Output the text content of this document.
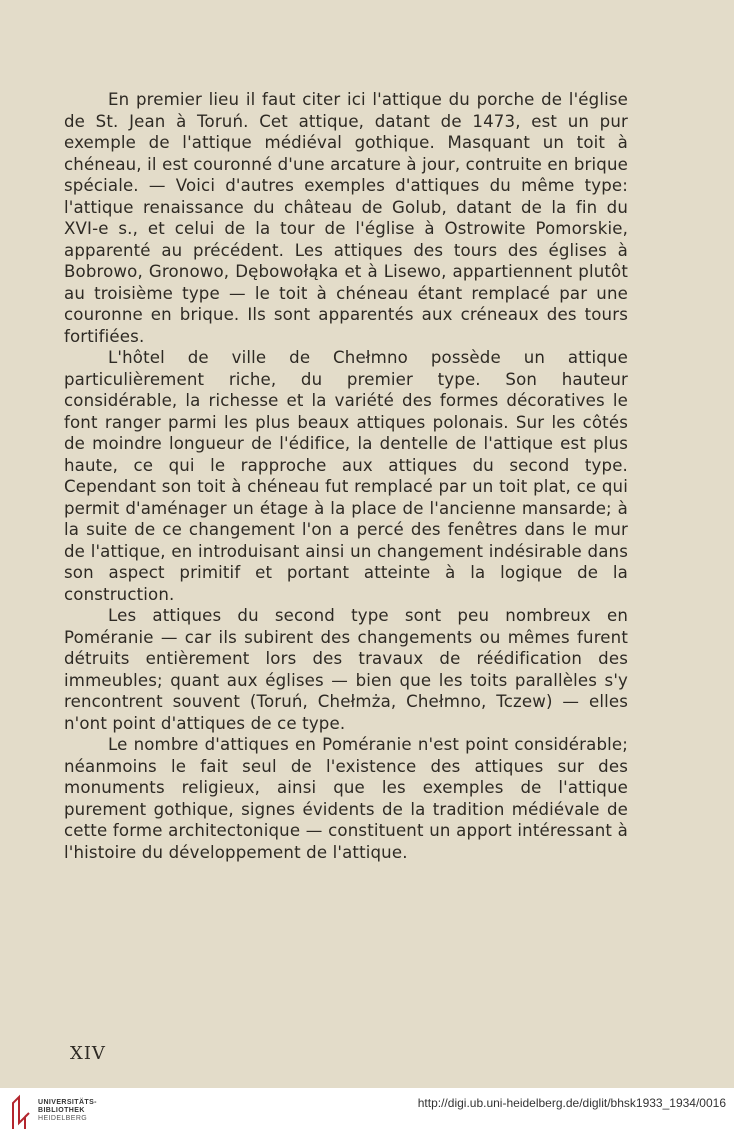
En premier lieu il faut citer ici l'attique du porche de l'église de St. Jean à Toruń. Cet attique, datant de 1473, est un pur exemple de l'attique médiéval gothique. Masquant un toit à chéneau, il est couronné d'une arcature à jour, contruite en brique spéciale. — Voici d'autres exemples d'attiques du même type: l'attique renaissance du château de Golub, datant de la fin du XVI-e s., et celui de la tour de l'église à Ostrowite Pomorskie, apparenté au précédent. Les attiques des tours des églises à Bobrowo, Gronowo, Dębowołąka et à Lisewo, appartiennent plutôt au troisième type — le toit à chéneau étant remplacé par une couronne en brique. Ils sont apparentés aux créneaux des tours fortifiées.

L'hôtel de ville de Chełmno possède un attique particulièrement riche, du premier type. Son hauteur considérable, la richesse et la variété des formes décoratives le font ranger parmi les plus beaux attiques polonais. Sur les côtés de moindre longueur de l'édifice, la dentelle de l'attique est plus haute, ce qui le rapproche aux attiques du second type. Cependant son toit à chéneau fut remplacé par un toit plat, ce qui permit d'aménager un étage à la place de l'ancienne mansarde; à la suite de ce changement l'on a percé des fenêtres dans le mur de l'attique, en introduisant ainsi un changement indésirable dans son aspect primitif et portant atteinte à la logique de la construction.

Les attiques du second type sont peu nombreux en Poméranie — car ils subirent des changements ou mêmes furent détruits entièrement lors des travaux de réédification des immeubles; quant aux églises — bien que les toits parallèles s'y rencontrent souvent (Toruń, Chełmża, Chełmno, Tczew) — elles n'ont point d'attiques de ce type.

Le nombre d'attiques en Poméranie n'est point considérable; néanmoins le fait seul de l'existence des attiques sur des monuments religieux, ainsi que les exemples de l'attique purement gothique, signes évidents de la tradition médiévale de cette forme architectonique — constituent un apport intéressant à l'histoire du développement de l'attique.

XIV
UNIVERSITÄTS-
BIBLIOTHEK
HEIDELBERG
http://digi.ub.uni-heidelberg.de/diglit/bhsk1933_1934/0016
